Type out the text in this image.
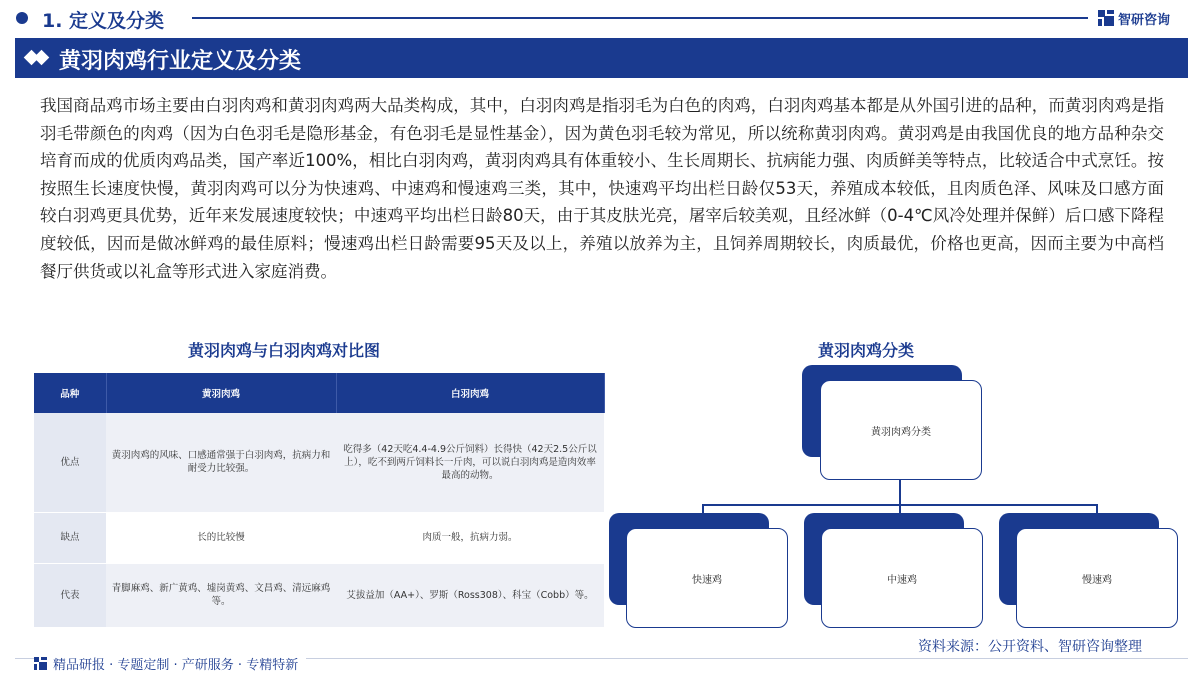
1. 定义及分类	智研咨询
黄羽肉鸡行业定义及分类

我国商品鸡市场主要由白羽肉鸡和黄羽肉鸡两大品类构成，其中，白羽肉鸡是指羽毛为白色的肉鸡，白羽肉鸡基本都是从外国引进的品种，而黄羽肉鸡是指羽毛带颜色的肉鸡（因为白色羽毛是隐形基金，有色羽毛是显性基金），因为黄色羽毛较为常见，所以统称黄羽肉鸡。黄羽鸡是由我国优良的地方品种杂交培育而成的优质肉鸡品类，国产率近100%，相比白羽肉鸡，黄羽肉鸡具有体重较小、生长周期长、抗病能力强、肉质鲜美等特点，比较适合中式烹饪。按按照生长速度快慢，黄羽肉鸡可以分为快速鸡、中速鸡和慢速鸡三类，其中，快速鸡平均出栏日龄仅53天，养殖成本较低，且肉质色泽、风味及口感方面较白羽鸡更具优势，近年来发展速度较快；中速鸡平均出栏日龄80天，由于其皮肤光亮，屠宰后较美观，且经冰鲜（0-4℃风冷处理并保鲜）后口感下降程度较低，因而是做冰鲜鸡的最佳原料；慢速鸡出栏日龄需要95天及以上，养殖以放养为主，且饲养周期较长，肉质最优，价格也更高，因而主要为中高档餐厅供货或以礼盒等形式进入家庭消费。

黄羽肉鸡与白羽肉鸡对比图	黄羽肉鸡分类
品种	黄羽肉鸡	白羽肉鸡
优点	黄羽肉鸡的风味、口感通常强于白羽肉鸡，抗病力和耐受力比较强。	吃得多（42天吃4.4-4.9公斤饲料）长得快（42天2.5公斤以上），吃不到两斤饲料长一斤肉，可以说白羽肉鸡是造肉效率最高的动物。
缺点	长的比较慢	肉质一般，抗病力弱。
代表	青脚麻鸡、新广黄鸡、墟岗黄鸡、文昌鸡、清远麻鸡等。	艾拔益加（AA+）、罗斯（Ross308）、科宝（Cobb）等。
黄羽肉鸡分类
快速鸡	中速鸡	慢速鸡
资料来源：公开资料、智研咨询整理
精品研报 · 专题定制 · 产研服务 · 专精特新
